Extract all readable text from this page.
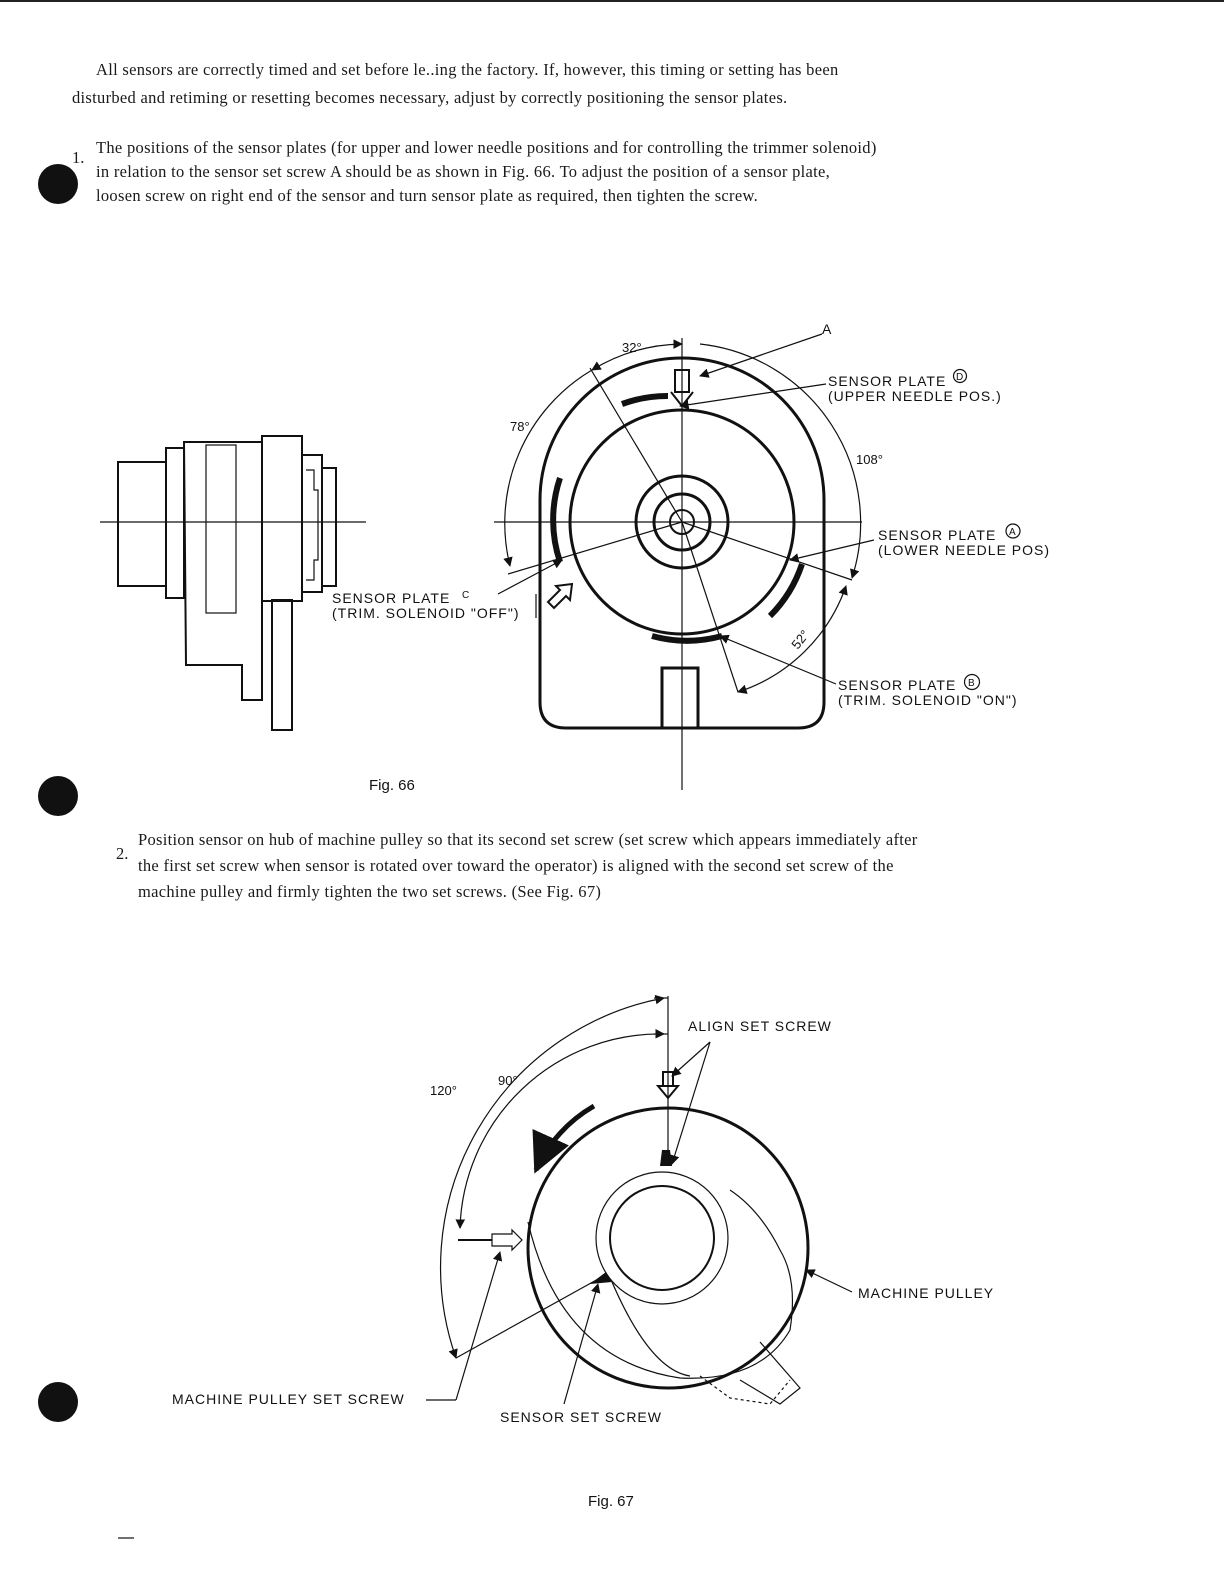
All sensors are correctly timed and set before le..ing the factory. If, however, this timing or setting has been

disturbed and retiming or resetting becomes necessary, adjust by correctly positioning the sensor plates.

1.

The positions of the sensor plates (for upper and lower needle positions and for controlling the trimmer solenoid)

in relation to the sensor set screw A should be as shown in Fig. 66. To adjust the position of a sensor plate,

loosen screw on right end of the sensor and turn sensor plate as required, then tighten the screw.

2.

Position sensor on hub of machine pulley so that its second set screw (set screw which appears immediately after

the first set screw when sensor is rotated over toward the operator) is aligned with the second set screw of the

machine pulley and firmly tighten the two set screws. (See Fig. 67)

32°
78°
108°
52°
A
SENSOR PLATE D
(UPPER NEEDLE POS.)
SENSOR PLATE A
(LOWER NEEDLE POS)
SENSOR PLATE C
(TRIM. SOLENOID "OFF")
SENSOR PLATE B
(TRIM. SOLENOID "ON")
Fig. 66
ALIGN SET SCREW
120°
90°
MACHINE PULLEY
MACHINE PULLEY SET SCREW
SENSOR SET SCREW
Fig. 67
